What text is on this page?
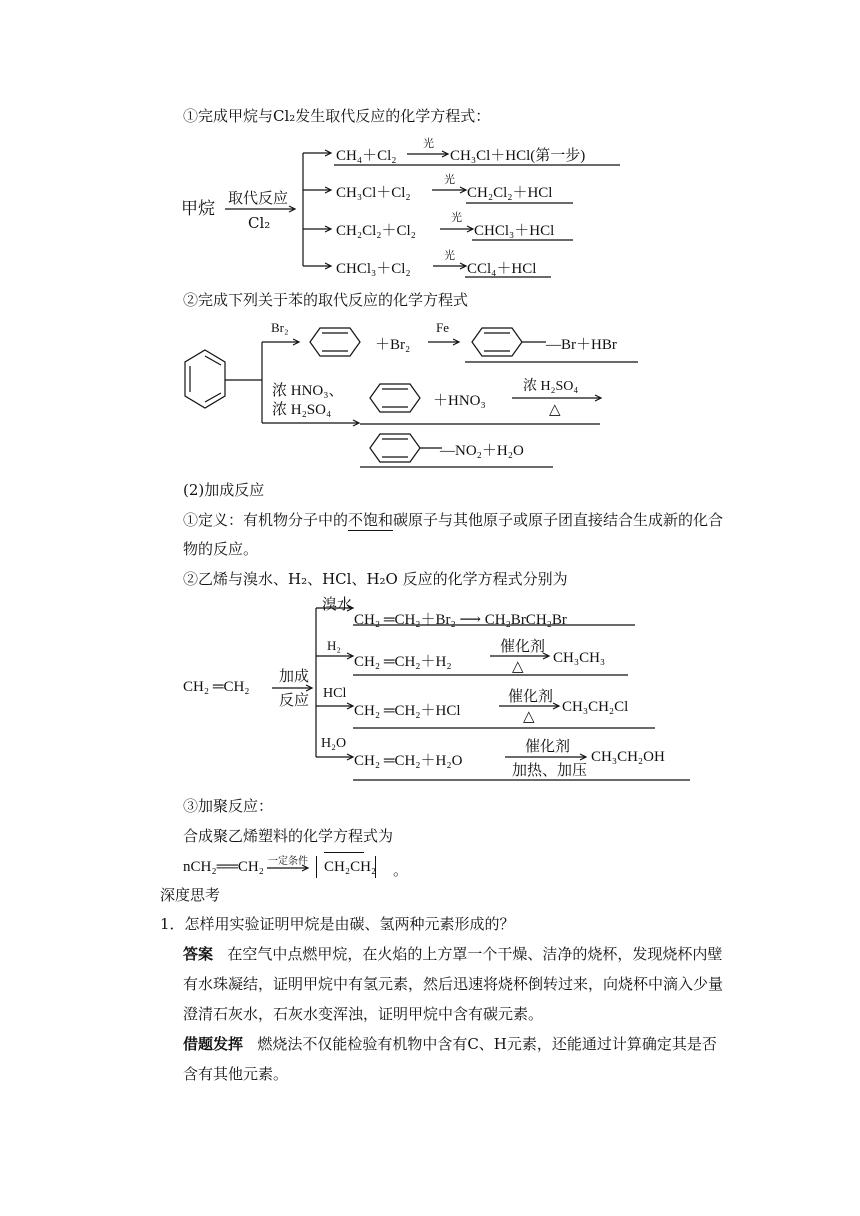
①完成甲烷与Cl₂发生取代反应的化学方程式：
甲烷
取代反应
Cl₂
CH₄＋Cl₂
光
CH₃Cl＋HCl(第一步)
CH₃Cl＋Cl₂
光
CH₂Cl₂＋HCl
CH₂Cl₂＋Cl₂
光
CHCl₃＋HCl
CHCl₃＋Cl₂
光
CCl₄＋HCl
②完成下列关于苯的取代反应的化学方程式
Br₂
＋Br₂
Fe
—Br＋HBr
浓 HNO₃、
浓 H₂SO₄
＋HNO₃
浓 H₂SO₄
△
—NO₂＋H₂O
(2)加成反应
①定义：有机物分子中的不饱和碳原子与其他原子或原子团直接结合生成新的化合
物的反应。
②乙烯与溴水、H₂、HCl、H₂O 反应的化学方程式分别为
CH₂ ═CH₂
加成
反应
溴水
CH₂ ═CH₂＋Br₂ ⟶ CH₂BrCH₂Br
H₂
CH₂ ═CH₂＋H₂
催化剂
△
CH₃CH₃
HCl
CH₂ ═CH₂＋HCl
催化剂
△
CH₃CH₂Cl
H₂O
CH₂ ═CH₂＋H₂O
催化剂
加热、加压
CH₃CH₂OH
③加聚反应：
合成聚乙烯塑料的化学方程式为
nCH₂══CH₂ 一定条件 CH₂CH₂ 。
深度思考
1．怎样用实验证明甲烷是由碳、氢两种元素形成的？
答案 在空气中点燃甲烷，在火焰的上方罩一个干燥、洁净的烧杯，发现烧杯内壁
有水珠凝结，证明甲烷中有氢元素，然后迅速将烧杯倒转过来，向烧杯中滴入少量
澄清石灰水，石灰水变浑浊，证明甲烷中含有碳元素。
借题发挥 燃烧法不仅能检验有机物中含有C、H元素，还能通过计算确定其是否
含有其他元素。
